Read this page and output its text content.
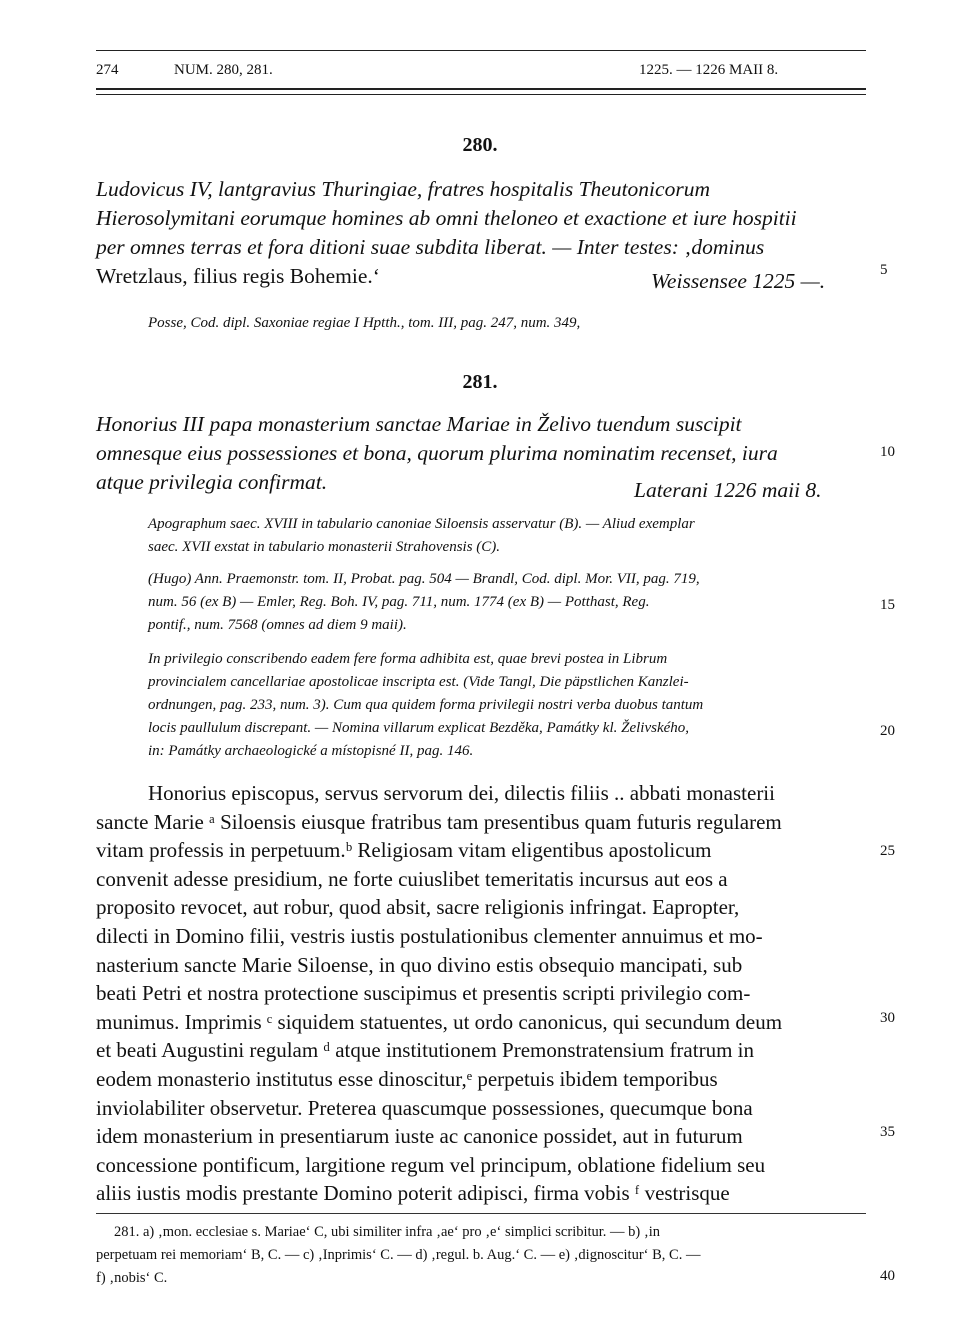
274	NUM. 280, 281.	1225. — 1226 MAII 8.
280.
Ludovicus IV, lantgravius Thuringiae, fratres hospitalis Theutonicorum
Hierosolymitani eorumque homines ab omni theloneo et exactione et iure hospitii
per omnes terras et fora ditioni suae subdita liberat. — Inter testes: ‚dominus
Wretzlaus, filius regis Bohemie.‘	Weissensee 1225 —.
Posse, Cod. dipl. Saxoniae regiae I Hptth., tom. III, pag. 247, num. 349,
281.
Honorius III papa monasterium sanctae Mariae in Želivo tuendum suscipit
omnesque eius possessiones et bona, quorum plurima nominatim recenset, iura
atque privilegia confirmat.	Laterani 1226 maii 8.
Apographum saec. XVIII in tabulario canoniae Siloensis asservatur (B). — Aliud exemplar
saec. XVII exstat in tabulario monasterii Strahovensis (C).
(Hugo) Ann. Praemonstr. tom. II, Probat. pag. 504 — Brandl, Cod. dipl. Mor. VII, pag. 719,
num. 56 (ex B) — Emler, Reg. Boh. IV, pag. 711, num. 1774 (ex B) — Potthast, Reg.
pontif., num. 7568 (omnes ad diem 9 maii).
In privilegio conscribendo eadem fere forma adhibita est, quae brevi postea in Librum
provincialem cancellariae apostolicae inscripta est. (Vide Tangl, Die päpstlichen Kanzlei-
ordnungen, pag. 233, num. 3). Cum qua quidem forma privilegii nostri verba duobus tantum
locis paullulum discrepant. — Nomina villarum explicat Bezděka, Památky kl. Želivského,
in: Památky archaeologické a místopisné II, pag. 146.
Honorius episcopus, servus servorum dei, dilectis filiis .. abbati monasterii
sancte Marie ᵃ Siloensis eiusque fratribus tam presentibus quam futuris regularem
vitam professis in perpetuum.ᵇ Religiosam vitam eligentibus apostolicum
convenit adesse presidium, ne forte cuiuslibet temeritatis incursus aut eos a
proposito revocet, aut robur, quod absit, sacre religionis infringat. Eapropter,
dilecti in Domino filii, vestris iustis postulationibus clementer annuimus et mo-
nasterium sancte Marie Siloense, in quo divino estis obsequio mancipati, sub
beati Petri et nostra protectione suscipimus et presentis scripti privilegio com-
munimus. Imprimis ᶜ siquidem statuentes, ut ordo canonicus, qui secundum deum
et beati Augustini regulam ᵈ atque institutionem Premonstratensium fratrum in
eodem monasterio institutus esse dinoscitur,ᵉ perpetuis ibidem temporibus
inviolabiliter observetur. Preterea quascumque possessiones, quecumque bona
idem monasterium in presentiarum iuste ac canonice possidet, aut in futurum
concessione pontificum, largitione regum vel principum, oblatione fidelium seu
aliis iustis modis prestante Domino poterit adipisci, firma vobis ᶠ vestrisque
5
10
15
20
25
30
35
40
281. a) ‚mon. ecclesiae s. Mariae‘ C, ubi similiter infra ‚ae‘ pro ‚e‘ simplici scribitur. — b) ‚in
perpetuam rei memoriam‘ B, C. — c) ‚Inprimis‘ C. — d) ‚regul. b. Aug.‘ C. — e) ‚dignoscitur‘ B, C. —
f) ‚nobis‘ C.
